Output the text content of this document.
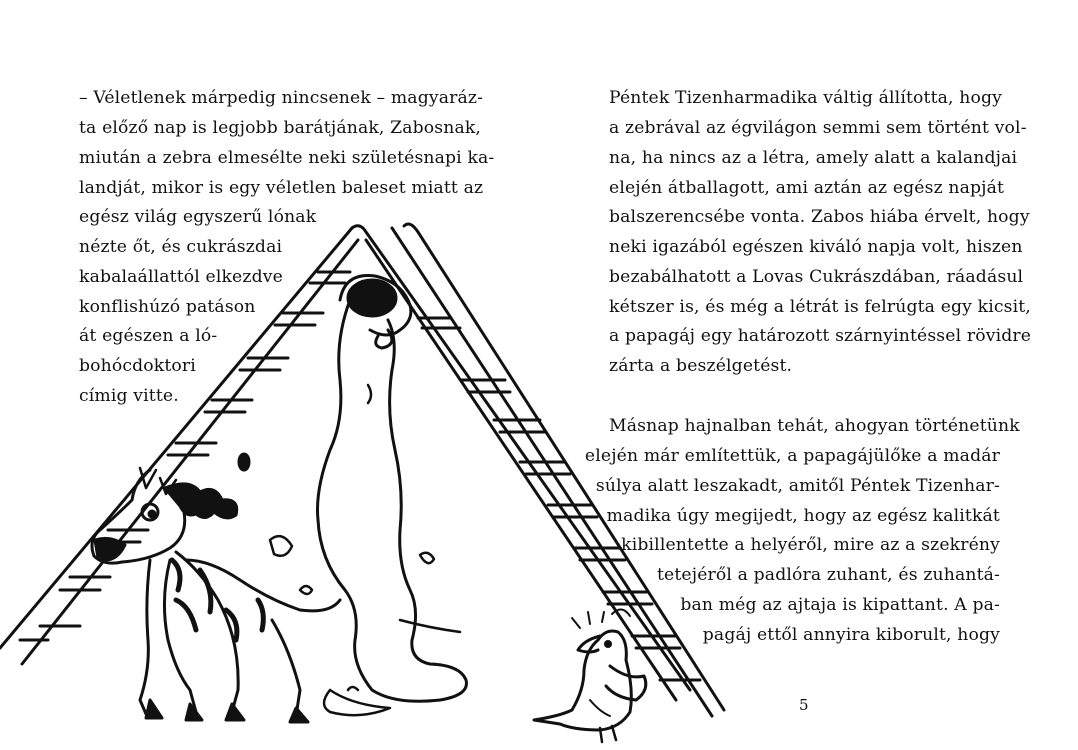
– Véletlenek márpedig nincsenek – magyaráz-
ta előző nap is legjobb barátjának, Zabosnak,
miután a zebra elmesélte neki születésnapi ka-
landját, mikor is egy véletlen baleset miatt az
egész világ egyszerű lónak
nézte őt, és cukrászdai
kabalaállattól elkezdve
konflishúzó patáson
át egészen a ló-
bohócdoktori
címig vitte.
Péntek Tizenharmadika váltig állította, hogy
a zebrával az égvilágon semmi sem történt vol-
na, ha nincs az a létra, amely alatt a kalandjai
elején átballagott, ami aztán az egész napját
balszerencsébe vonta. Zabos hiába érvelt, hogy
neki igazából egészen kiváló napja volt, hiszen
bezabálhatott a Lovas Cukrászdában, ráadásul
kétszer is, és még a létrát is felrúgta egy kicsit,
a papagáj egy határozott szárnyintéssel rövidre
zárta a beszélgetést.
Másnap hajnalban tehát, ahogyan történetünk
elején már említettük, a papagájülőke a madár
súlya alatt leszakadt, amitől Péntek Tizenhar-
madika úgy megijedt, hogy az egész kalitkát
kibillentette a helyéről, mire az a szekrény
tetejéről a padlóra zuhant, és zuhantá-
ban még az ajtaja is kipattant. A pa-
pagáj ettől annyira kiborult, hogy
5
